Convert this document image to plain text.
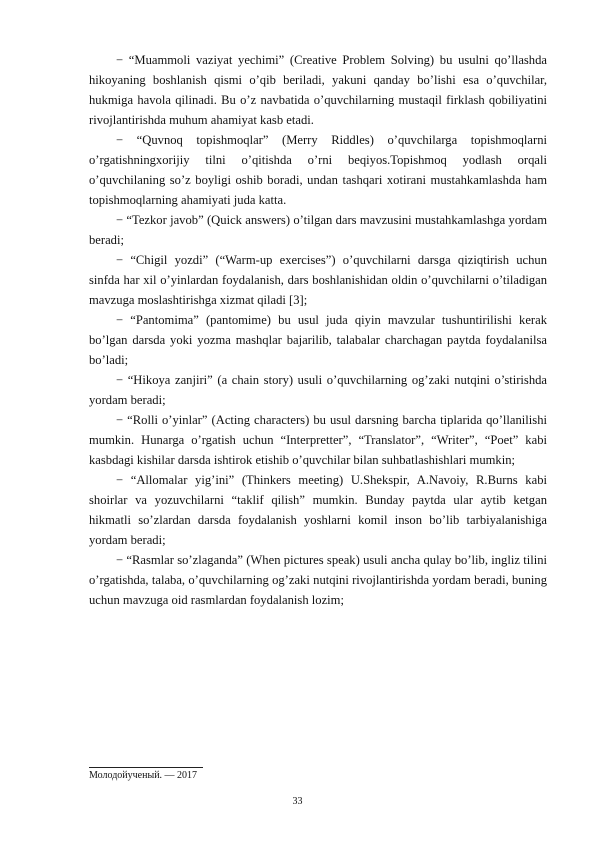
− “Muammoli vaziyat yechimi” (Creative Problem Solving) bu usulni qo’llashda hikoyaning boshlanish qismi o’qib beriladi, yakuni qanday bo’lishi esa o’quvchilar, hukmiga havola qilinadi. Bu o’z navbatida o’quvchilarning mustaqil firklash qobiliyatini rivojlantirishda muhum ahamiyat kasb etadi.

− “Quvnoq topishmoqlar” (Merry Riddles) o’quvchilarga topishmoqlarni o’rgatishningxorijiy tilni o’qitishda o’rni beqiyos.Topishmoq yodlash orqali o’quvchilaning so’z boyligi oshib boradi, undan tashqari xotirani mustahkamlashda ham topishmoqlarning ahamiyati juda katta.

− “Tezkor javob” (Quick answers) o’tilgan dars mavzusini mustahkamlashga yordam beradi;

− “Chigil yozdi” (“Warm-up exercises”) o’quvchilarni darsga qiziqtirish uchun sinfda har xil o’yinlardan foydalanish, dars boshlanishidan oldin o’quvchilarni o’tiladigan mavzuga moslashtirishga xizmat qiladi [3];

− “Pantomima” (pantomime) bu usul juda qiyin mavzular tushuntirilishi kerak bo’lgan darsda yoki yozma mashqlar bajarilib, talabalar charchagan paytda foydalanilsa bo’ladi;

− “Hikoya zanjiri” (a chain story) usuli o’quvchilarning og’zaki nutqini o’stirishda yordam beradi;

− “Rolli o’yinlar” (Acting characters) bu usul darsning barcha tiplarida qo’llanilishi mumkin. Hunarga o’rgatish uchun “Interpretter”, “Translator”, “Writer”, “Poet” kabi kasbdagi kishilar darsda ishtirok etishib o’quvchilar bilan suhbatlashishlari mumkin;

− “Allomalar yig’ini” (Thinkers meeting) U.Shekspir, A.Navoiy, R.Burns kabi shoirlar va yozuvchilarni “taklif qilish” mumkin. Bunday paytda ular aytib ketgan hikmatli so’zlardan darsda foydalanish yoshlarni komil inson bo’lib tarbiyalanishiga yordam beradi;

− “Rasmlar so’zlaganda” (When pictures speak) usuli ancha qulay bo’lib, ingliz tilini o’rgatishda, talaba, o’quvchilarning og’zaki nutqini rivojlantirishda yordam beradi, buning uchun mavzuga oid rasmlardan foydalanish lozim;

Молодойученый. — 2017
33
